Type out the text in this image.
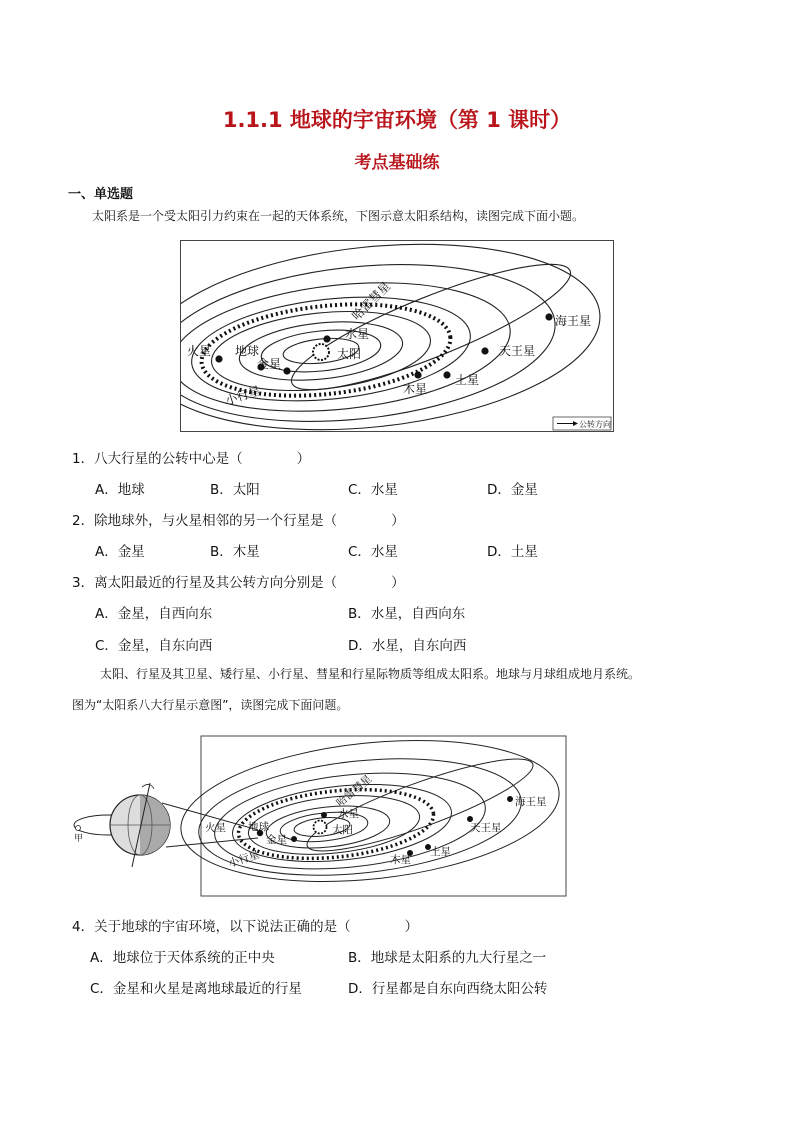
1.1.1 地球的宇宙环境（第 1 课时）
考点基础练
一、单选题
太阳系是一个受太阳引力约束在一起的天体系统，下图示意太阳系结构，读图完成下面小题。
水星
太阳
金星
地球
火星
木星
土星
天王星
海王星
小行星
哈雷彗星
公转方向
1．八大行星的公转中心是（　　　　）
A．地球	B．太阳	C．水星	D．金星
2．除地球外，与火星相邻的另一个行星是（　　　　）
A．金星	B．木星	C．水星	D．土星
3．离太阳最近的行星及其公转方向分别是（　　　　）
A．金星，自西向东	B．水星，自西向东
C．金星，自东向西	D．水星，自东向西
太阳、行星及其卫星、矮行星、小行星、彗星和行星际物质等组成太阳系。地球与月球组成地月系统。
图为“太阳系八大行星示意图”，读图完成下面问题。
甲
水星
太阳
金星
地球
火星
木星
土星
天王星
海王星
小行星
哈雷彗星
4．关于地球的宇宙环境，以下说法正确的是（　　　　）
A．地球位于天体系统的正中央	B．地球是太阳系的九大行星之一
C．金星和火星是离地球最近的行星	D．行星都是自东向西绕太阳公转
